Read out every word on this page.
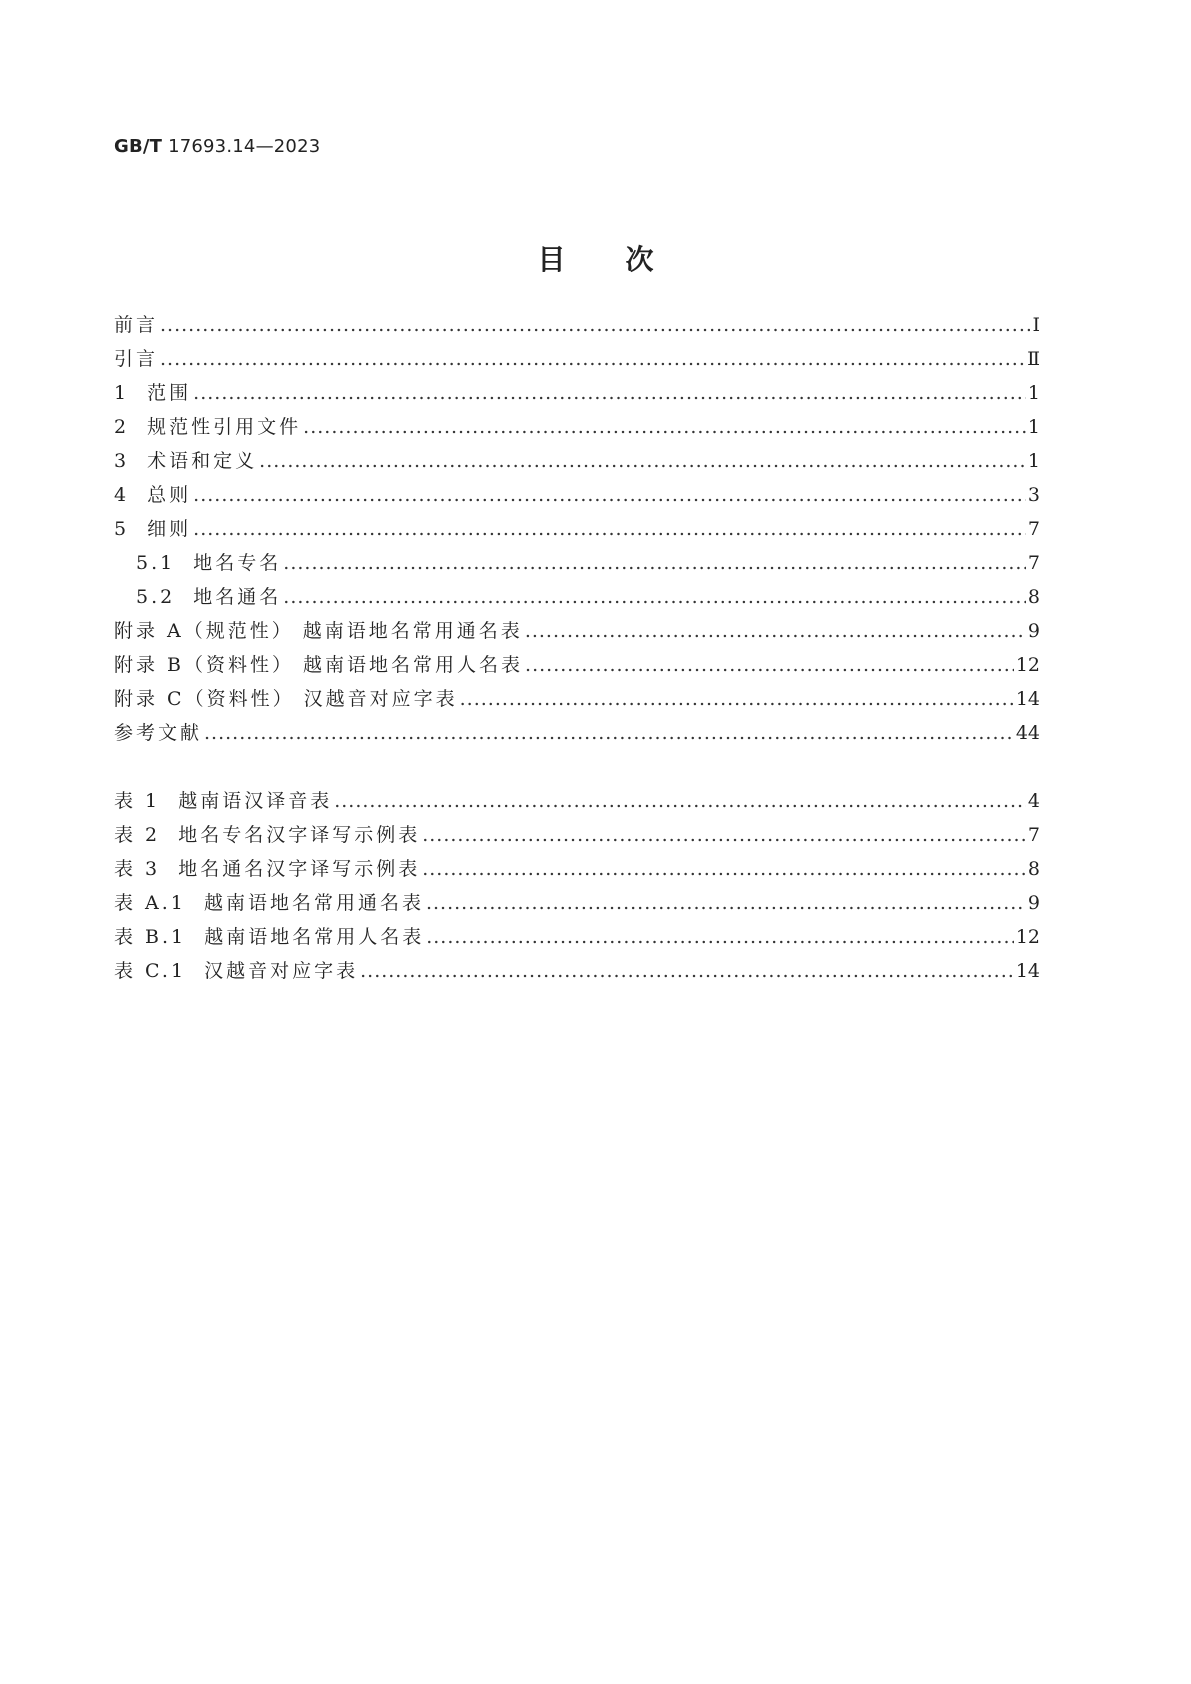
GB/T 17693.14—2023
目次
前言 .....	I
引言 .....	Ⅱ
1  范围 .....	1
2  规范性引用文件 .....	1
3  术语和定义 .....	1
4  总则 .....	3
5  细则 .....	7
5.1  地名专名 .....	7
5.2  地名通名 .....	8
附录 A（规范性） 越南语地名常用通名表 .....	9
附录 B（资料性） 越南语地名常用人名表 .....	12
附录 C（资料性） 汉越音对应字表 .....	14
参考文献 .....	44
表 1  越南语汉译音表 .....	4
表 2  地名专名汉字译写示例表 .....	7
表 3  地名通名汉字译写示例表 .....	8
表 A.1  越南语地名常用通名表 .....	9
表 B.1  越南语地名常用人名表 .....	12
表 C.1  汉越音对应字表 .....	14
